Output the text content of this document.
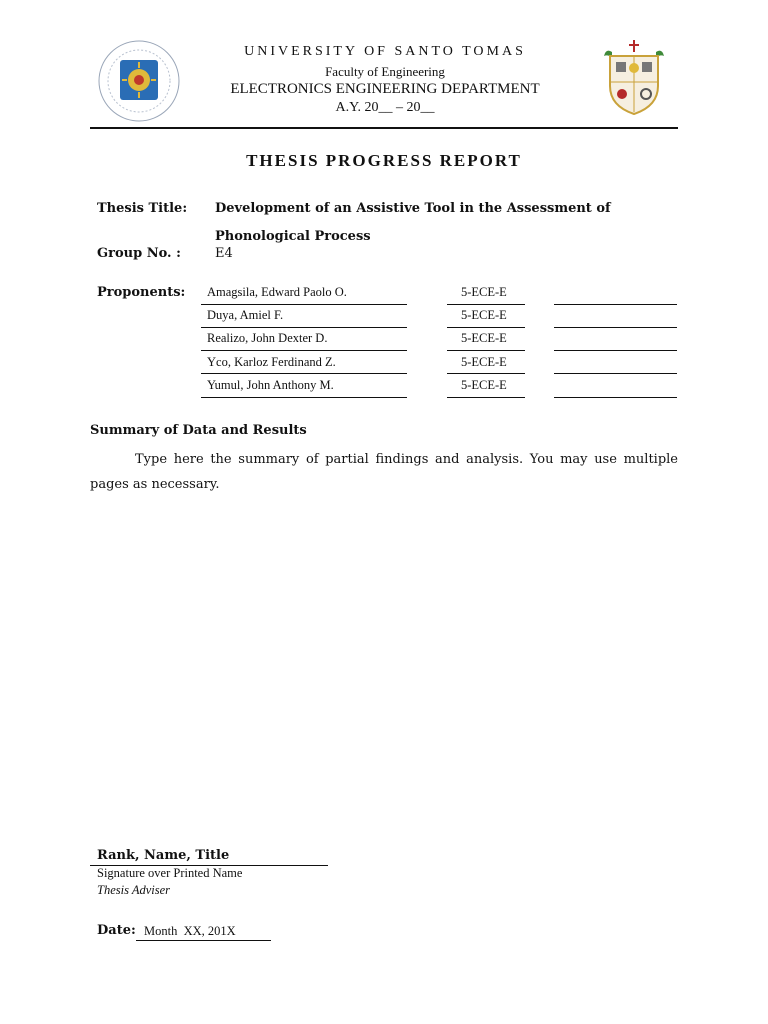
UNIVERSITY OF SANTO TOMAS
Faculty of Engineering
ELECTRONICS ENGINEERING DEPARTMENT
A.Y. 20__ – 20__
THESIS PROGRESS REPORT
Thesis Title: Development of an Assistive Tool in the Assessment of
Phonological Process
Group No. :	E4
Proponents: Amagsila, Edward Paolo O.	5-ECE-E
Duya, Amiel F.	5-ECE-E
Realizo, John Dexter D.	5-ECE-E
Yco, Karloz Ferdinand Z.	5-ECE-E
Yumul, John Anthony M.	5-ECE-E
Summary of Data and Results
Type here the summary of partial findings and analysis. You may use multiple pages as necessary.
Rank, Name, Title
Signature over Printed Name
Thesis Adviser
Date: Month  XX, 201X
